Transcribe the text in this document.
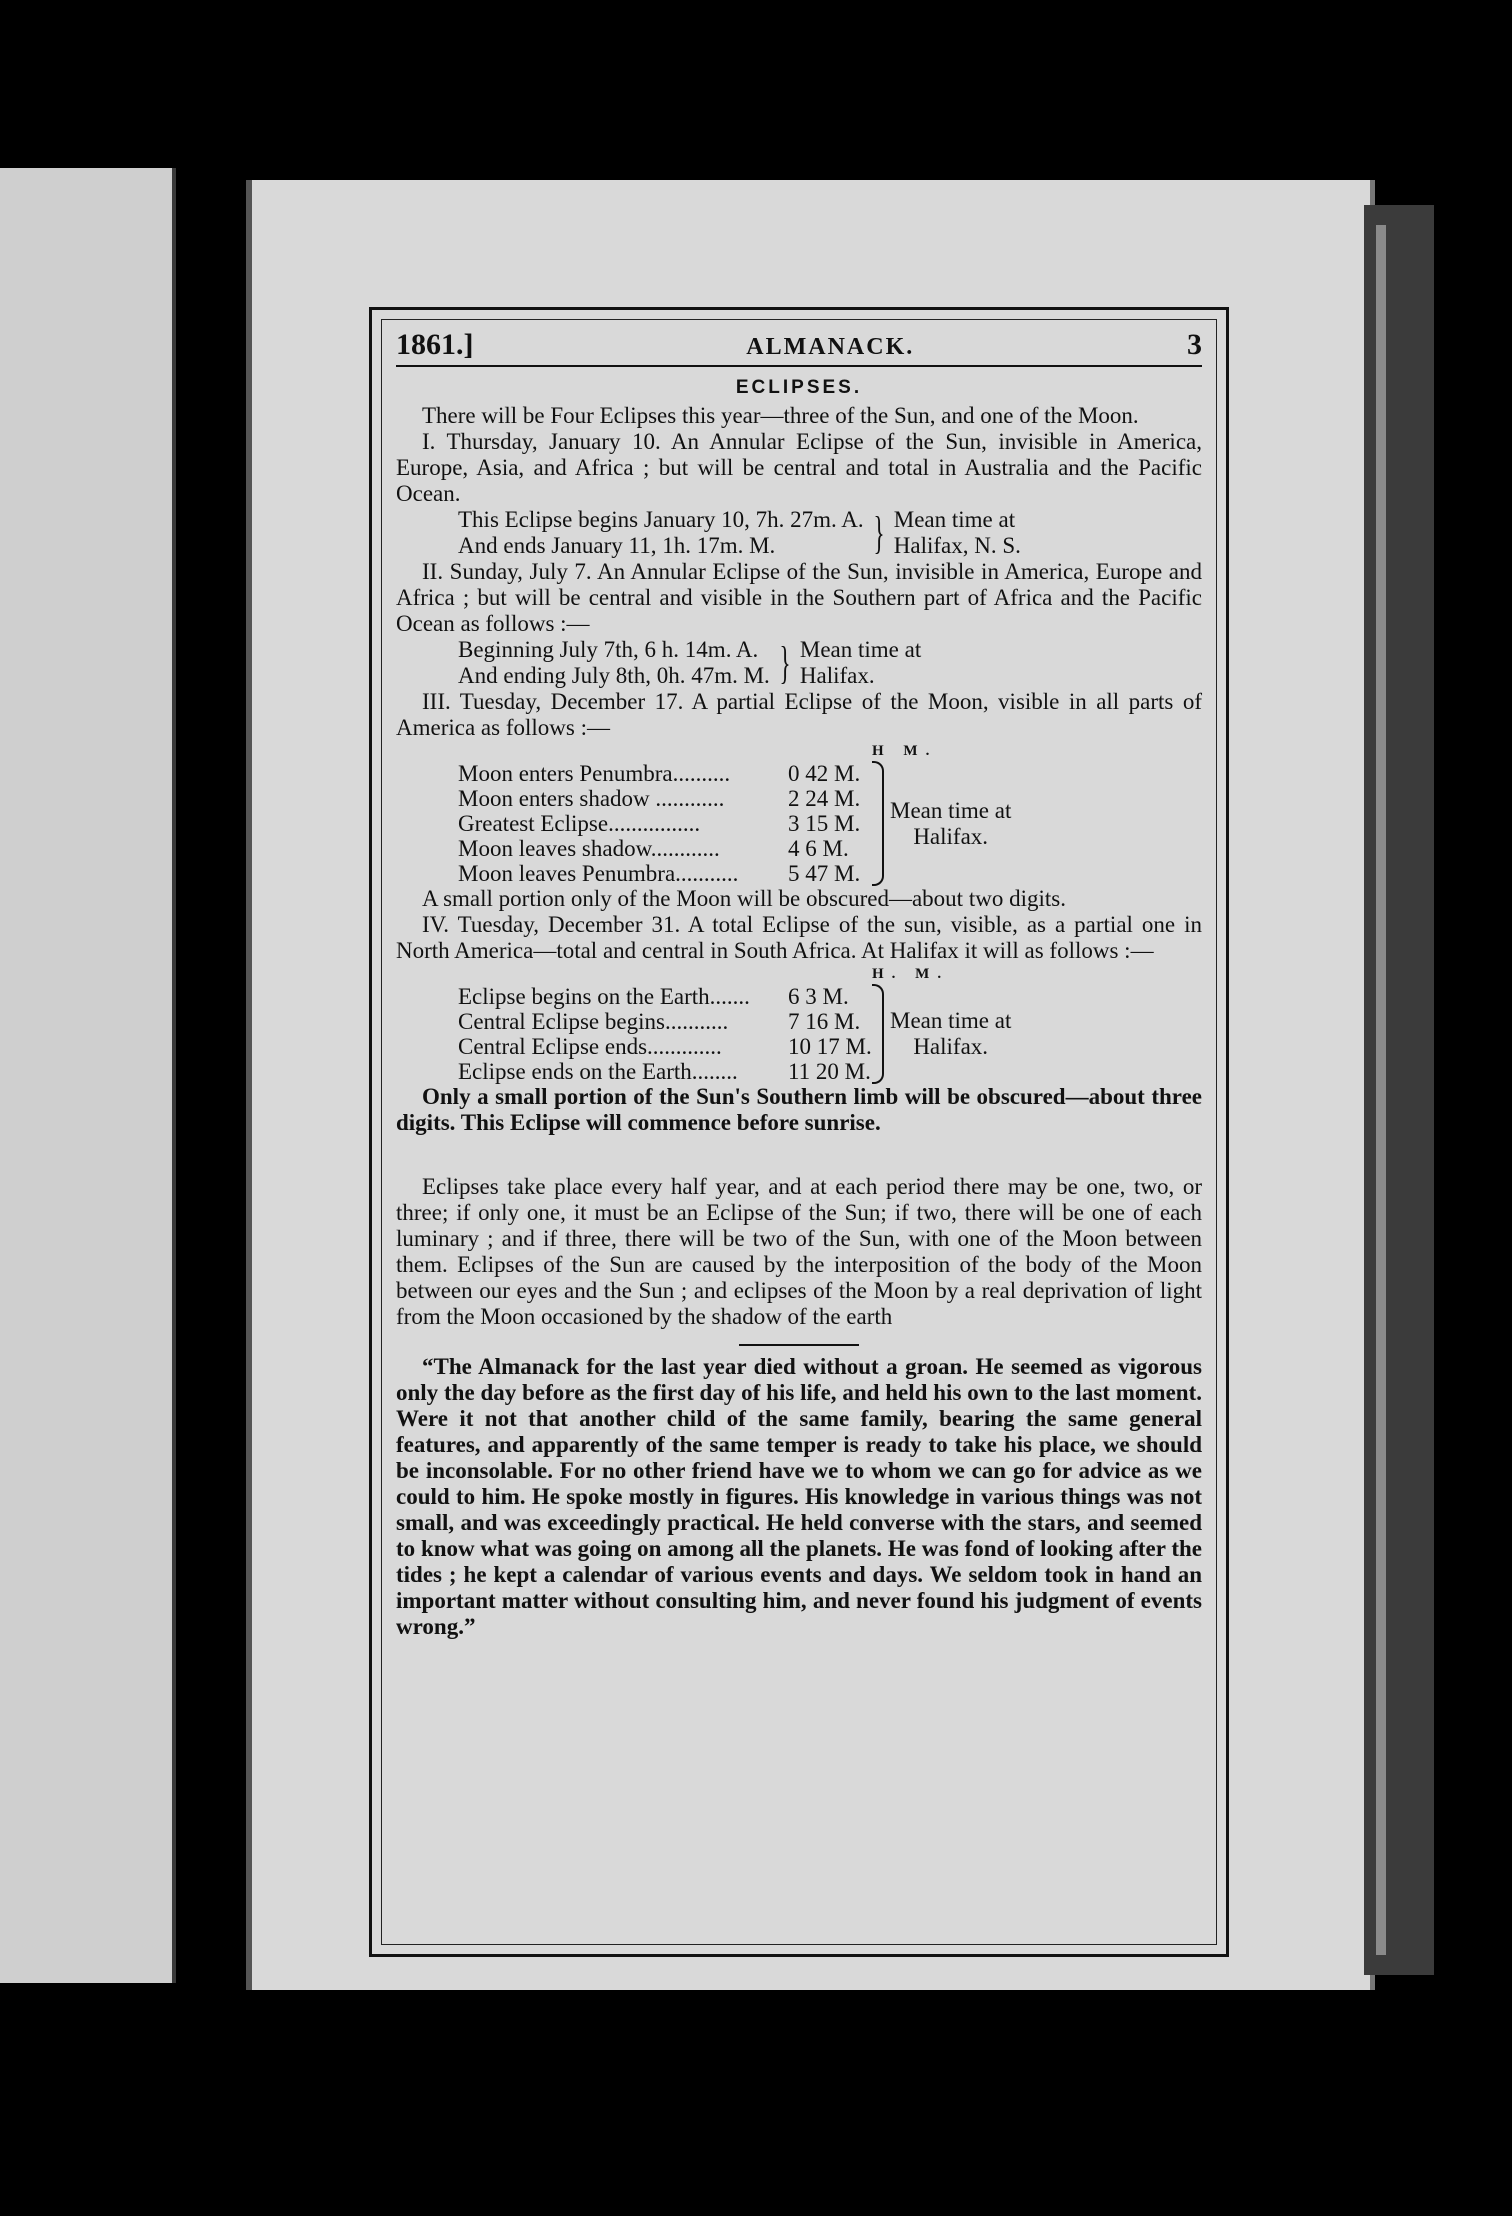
1861.]	ALMANACK.	3
ECLIPSES.

There will be Four Eclipses this year—three of the Sun, and one of the Moon.

I. Thursday, January 10. An Annular Eclipse of the Sun, invisible in America, Europe, Asia, and Africa ; but will be central and total in Australia and the Pacific Ocean.

This Eclipse begins January 10, 7h. 27m. A.
And ends January 11, 1h. 17m. M.	} Mean time at
Halifax, N. S.

II. Sunday, July 7. An Annular Eclipse of the Sun, invisible in America, Europe and Africa ; but will be central and visible in the Southern part of Africa and the Pacific Ocean as follows :—

Beginning July 7th, 6 h. 14m. A.
And ending July 8th, 0h. 47m. M. } Mean time at
Halifax.

III. Tuesday, December 17. A partial Eclipse of the Moon, visible in all parts of America as follows :—

H M.
Moon enters Penumbra..........	0 42 M.
Moon enters shadow ............	2 24 M.
Greatest Eclipse................	3 15 M.
Moon leaves shadow............	4 6 M.
Moon leaves Penumbra...........	5 47 M.
Mean time at
Halifax.

A small portion only of the Moon will be obscured—about two digits.

IV. Tuesday, December 31. A total Eclipse of the sun, visible, as a partial one in North America—total and central in South Africa. At Halifax it will as follows :—

H. M.
Eclipse begins on the Earth.......	6 3 M.
Central Eclipse begins...........	7 16 M.
Central Eclipse ends.............	10 17 M.
Eclipse ends on the Earth........	11 20 M.
Mean time at
Halifax.

Only a small portion of the Sun's Southern limb will be obscured—about three digits. This Eclipse will commence before sunrise.

Eclipses take place every half year, and at each period there may be one, two, or three; if only one, it must be an Eclipse of the Sun; if two, there will be one of each luminary ; and if three, there will be two of the Sun, with one of the Moon between them. Eclipses of the Sun are caused by the interposition of the body of the Moon between our eyes and the Sun ; and eclipses of the Moon by a real deprivation of light from the Moon occasioned by the shadow of the earth

“The Almanack for the last year died without a groan. He seemed as vigorous only the day before as the first day of his life, and held his own to the last moment. Were it not that another child of the same family, bearing the same general features, and apparently of the same temper is ready to take his place, we should be inconsolable. For no other friend have we to whom we can go for advice as we could to him. He spoke mostly in figures. His knowledge in various things was not small, and was exceedingly practical. He held converse with the stars, and seemed to know what was going on among all the planets. He was fond of looking after the tides ; he kept a calendar of various events and days. We seldom took in hand an important matter without consulting him, and never found his judgment of events wrong.”
